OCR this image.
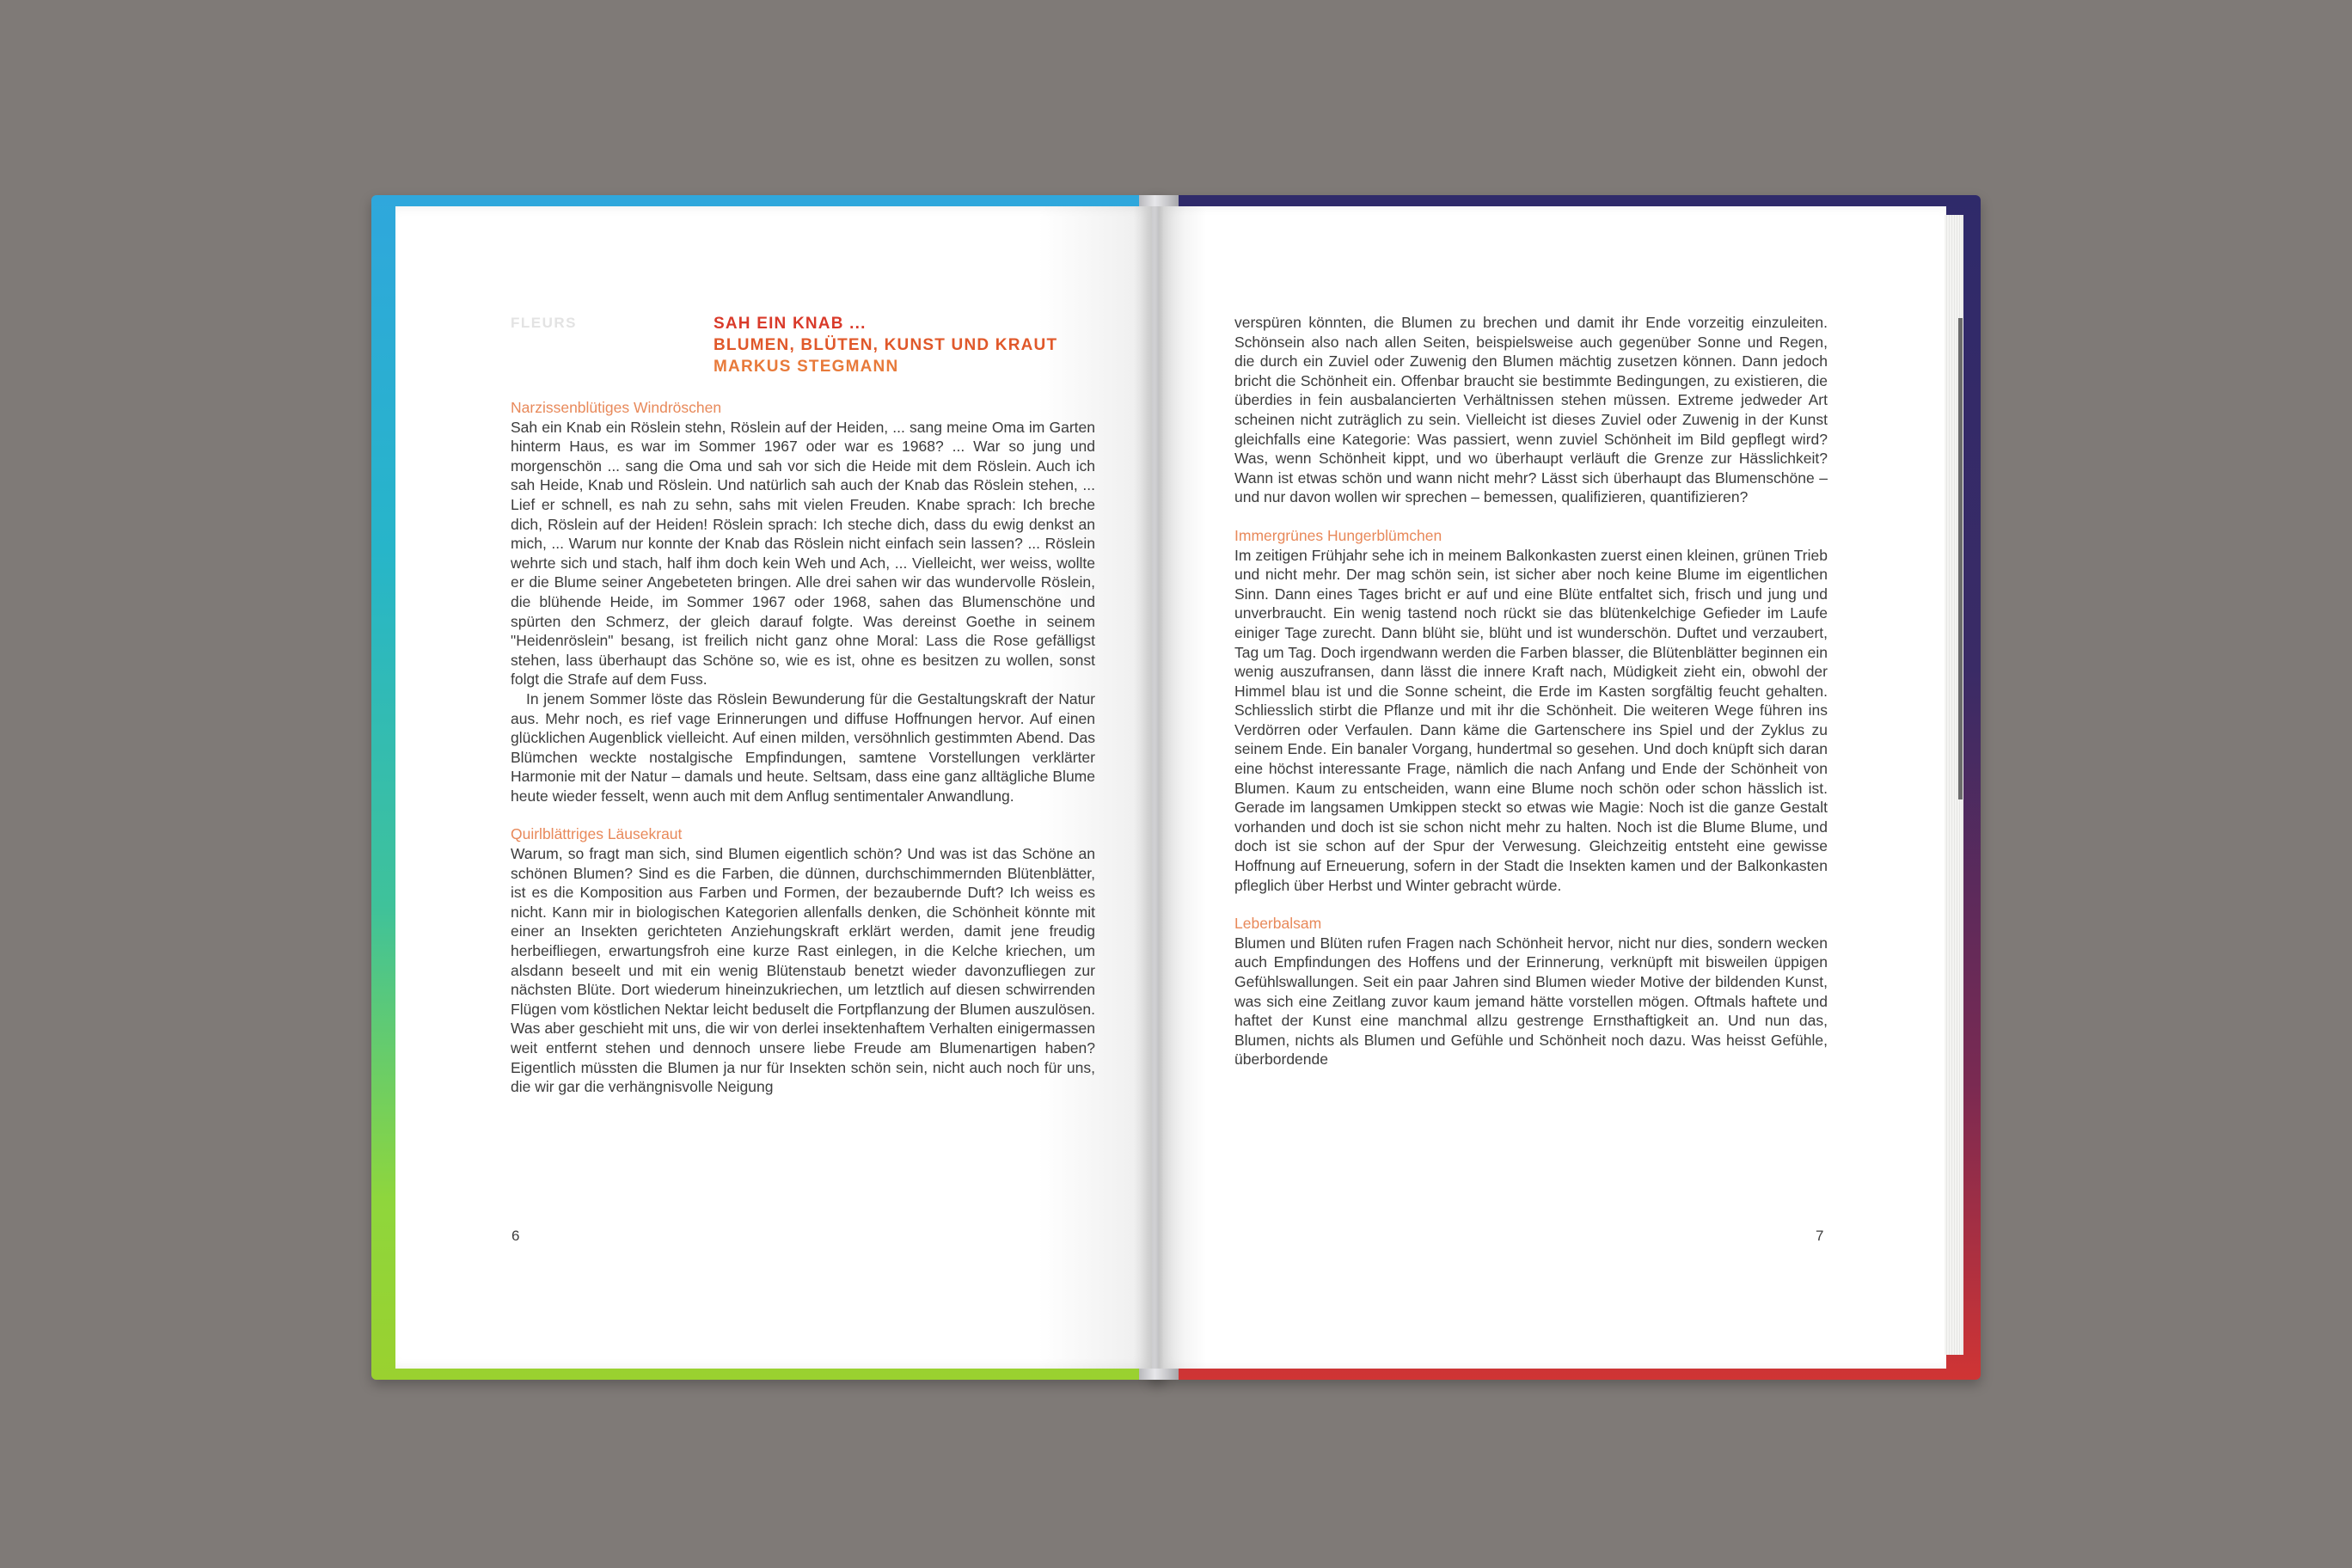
FLEURS	SAH EIN KNAB ...
BLUMEN, BLÜTEN, KUNST UND KRAUT
MARKUS STEGMANN

Narzissenblütiges Windröschen

Sah ein Knab ein Röslein stehn, Röslein auf der Heiden, ... sang meine Oma im Garten hinterm Haus, es war im Sommer 1967 oder war es 1968? ... War so jung und morgenschön ... sang die Oma und sah vor sich die Heide mit dem Röslein. Auch ich sah Heide, Knab und Röslein. Und natürlich sah auch der Knab das Röslein stehen, ... Lief er schnell, es nah zu sehn, sahs mit vielen Freuden. Knabe sprach: Ich breche dich, Röslein auf der Heiden! Röslein sprach: Ich steche dich, dass du ewig denkst an mich, ... Warum nur konnte der Knab das Röslein nicht einfach sein lassen? ... Röslein wehrte sich und stach, half ihm doch kein Weh und Ach, ... Vielleicht, wer weiss, wollte er die Blume seiner Angebeteten bringen. Alle drei sahen wir das wundervolle Röslein, die blühende Heide, im Sommer 1967 oder 1968, sahen das Blumenschöne und spürten den Schmerz, der gleich darauf folgte. Was dereinst Goethe in seinem "Heidenröslein" besang, ist freilich nicht ganz ohne Moral: Lass die Rose gefälligst stehen, lass überhaupt das Schöne so, wie es ist, ohne es besitzen zu wollen, sonst folgt die Strafe auf dem Fuss.

In jenem Sommer löste das Röslein Bewunderung für die Gestaltungskraft der Natur aus. Mehr noch, es rief vage Erinnerungen und diffuse Hoffnungen hervor. Auf einen glücklichen Augenblick vielleicht. Auf einen milden, versöhnlich gestimmten Abend. Das Blümchen weckte nostalgische Empfindungen, samtene Vorstellungen verklärter Harmonie mit der Natur – damals und heute. Seltsam, dass eine ganz alltägliche Blume heute wieder fesselt, wenn auch mit dem Anflug sentimentaler Anwandlung.

Quirlblättriges Läusekraut

Warum, so fragt man sich, sind Blumen eigentlich schön? Und was ist das Schöne an schönen Blumen? Sind es die Farben, die dünnen, durchschimmernden Blütenblätter, ist es die Komposition aus Farben und Formen, der bezaubernde Duft? Ich weiss es nicht. Kann mir in biologischen Kategorien allenfalls denken, die Schönheit könnte mit einer an Insekten gerichteten Anziehungskraft erklärt werden, damit jene freudig herbeifliegen, erwartungsfroh eine kurze Rast einlegen, in die Kelche kriechen, um alsdann beseelt und mit ein wenig Blütenstaub benetzt wieder davonzufliegen zur nächsten Blüte. Dort wiederum hineinzukriechen, um letztlich auf diesen schwirrenden Flügen vom köstlichen Nektar leicht beduselt die Fortpflanzung der Blumen auszulösen. Was aber geschieht mit uns, die wir von derlei insektenhaftem Verhalten einigermassen weit entfernt stehen und dennoch unsere liebe Freude am Blumenartigen haben? Eigentlich müssten die Blumen ja nur für Insekten schön sein, nicht auch noch für uns, die wir gar die verhängnisvolle Neigung

6

verspüren könnten, die Blumen zu brechen und damit ihr Ende vorzeitig einzuleiten. Schönsein also nach allen Seiten, beispielsweise auch gegenüber Sonne und Regen, die durch ein Zuviel oder Zuwenig den Blumen mächtig zusetzen können. Dann jedoch bricht die Schönheit ein. Offenbar braucht sie bestimmte Bedingungen, zu existieren, die überdies in fein ausbalancierten Verhältnissen stehen müssen. Extreme jedweder Art scheinen nicht zuträglich zu sein. Vielleicht ist dieses Zuviel oder Zuwenig in der Kunst gleichfalls eine Kategorie: Was passiert, wenn zuviel Schönheit im Bild gepflegt wird? Was, wenn Schönheit kippt, und wo überhaupt verläuft die Grenze zur Hässlichkeit? Wann ist etwas schön und wann nicht mehr? Lässt sich überhaupt das Blumenschöne – und nur davon wollen wir sprechen – bemessen, qualifizieren, quantifizieren?

Immergrünes Hungerblümchen

Im zeitigen Frühjahr sehe ich in meinem Balkonkasten zuerst einen kleinen, grünen Trieb und nicht mehr. Der mag schön sein, ist sicher aber noch keine Blume im eigentlichen Sinn. Dann eines Tages bricht er auf und eine Blüte entfaltet sich, frisch und jung und unverbraucht. Ein wenig tastend noch rückt sie das blütenkelchige Gefieder im Laufe einiger Tage zurecht. Dann blüht sie, blüht und ist wunderschön. Duftet und verzaubert, Tag um Tag. Doch irgendwann werden die Farben blasser, die Blütenblätter beginnen ein wenig auszufransen, dann lässt die innere Kraft nach, Müdigkeit zieht ein, obwohl der Himmel blau ist und die Sonne scheint, die Erde im Kasten sorgfältig feucht gehalten. Schliesslich stirbt die Pflanze und mit ihr die Schönheit. Die weiteren Wege führen ins Verdörren oder Verfaulen. Dann käme die Gartenschere ins Spiel und der Zyklus zu seinem Ende. Ein banaler Vorgang, hundertmal so gesehen. Und doch knüpft sich daran eine höchst interessante Frage, nämlich die nach Anfang und Ende der Schönheit von Blumen. Kaum zu entscheiden, wann eine Blume noch schön oder schon hässlich ist. Gerade im langsamen Umkippen steckt so etwas wie Magie: Noch ist die ganze Gestalt vorhanden und doch ist sie schon nicht mehr zu halten. Noch ist die Blume Blume, und doch ist sie schon auf der Spur der Verwesung. Gleichzeitig entsteht eine gewisse Hoffnung auf Erneuerung, sofern in der Stadt die Insekten kamen und der Balkonkasten pfleglich über Herbst und Winter gebracht würde.

Leberbalsam

Blumen und Blüten rufen Fragen nach Schönheit hervor, nicht nur dies, sondern wecken auch Empfindungen des Hoffens und der Erinnerung, verknüpft mit bisweilen üppigen Gefühlswallungen. Seit ein paar Jahren sind Blumen wieder Motive der bildenden Kunst, was sich eine Zeitlang zuvor kaum jemand hätte vorstellen mögen. Oftmals haftete und haftet der Kunst eine manchmal allzu gestrenge Ernsthaftigkeit an. Und nun das, Blumen, nichts als Blumen und Gefühle und Schönheit noch dazu. Was heisst Gefühle, überbordende

7
